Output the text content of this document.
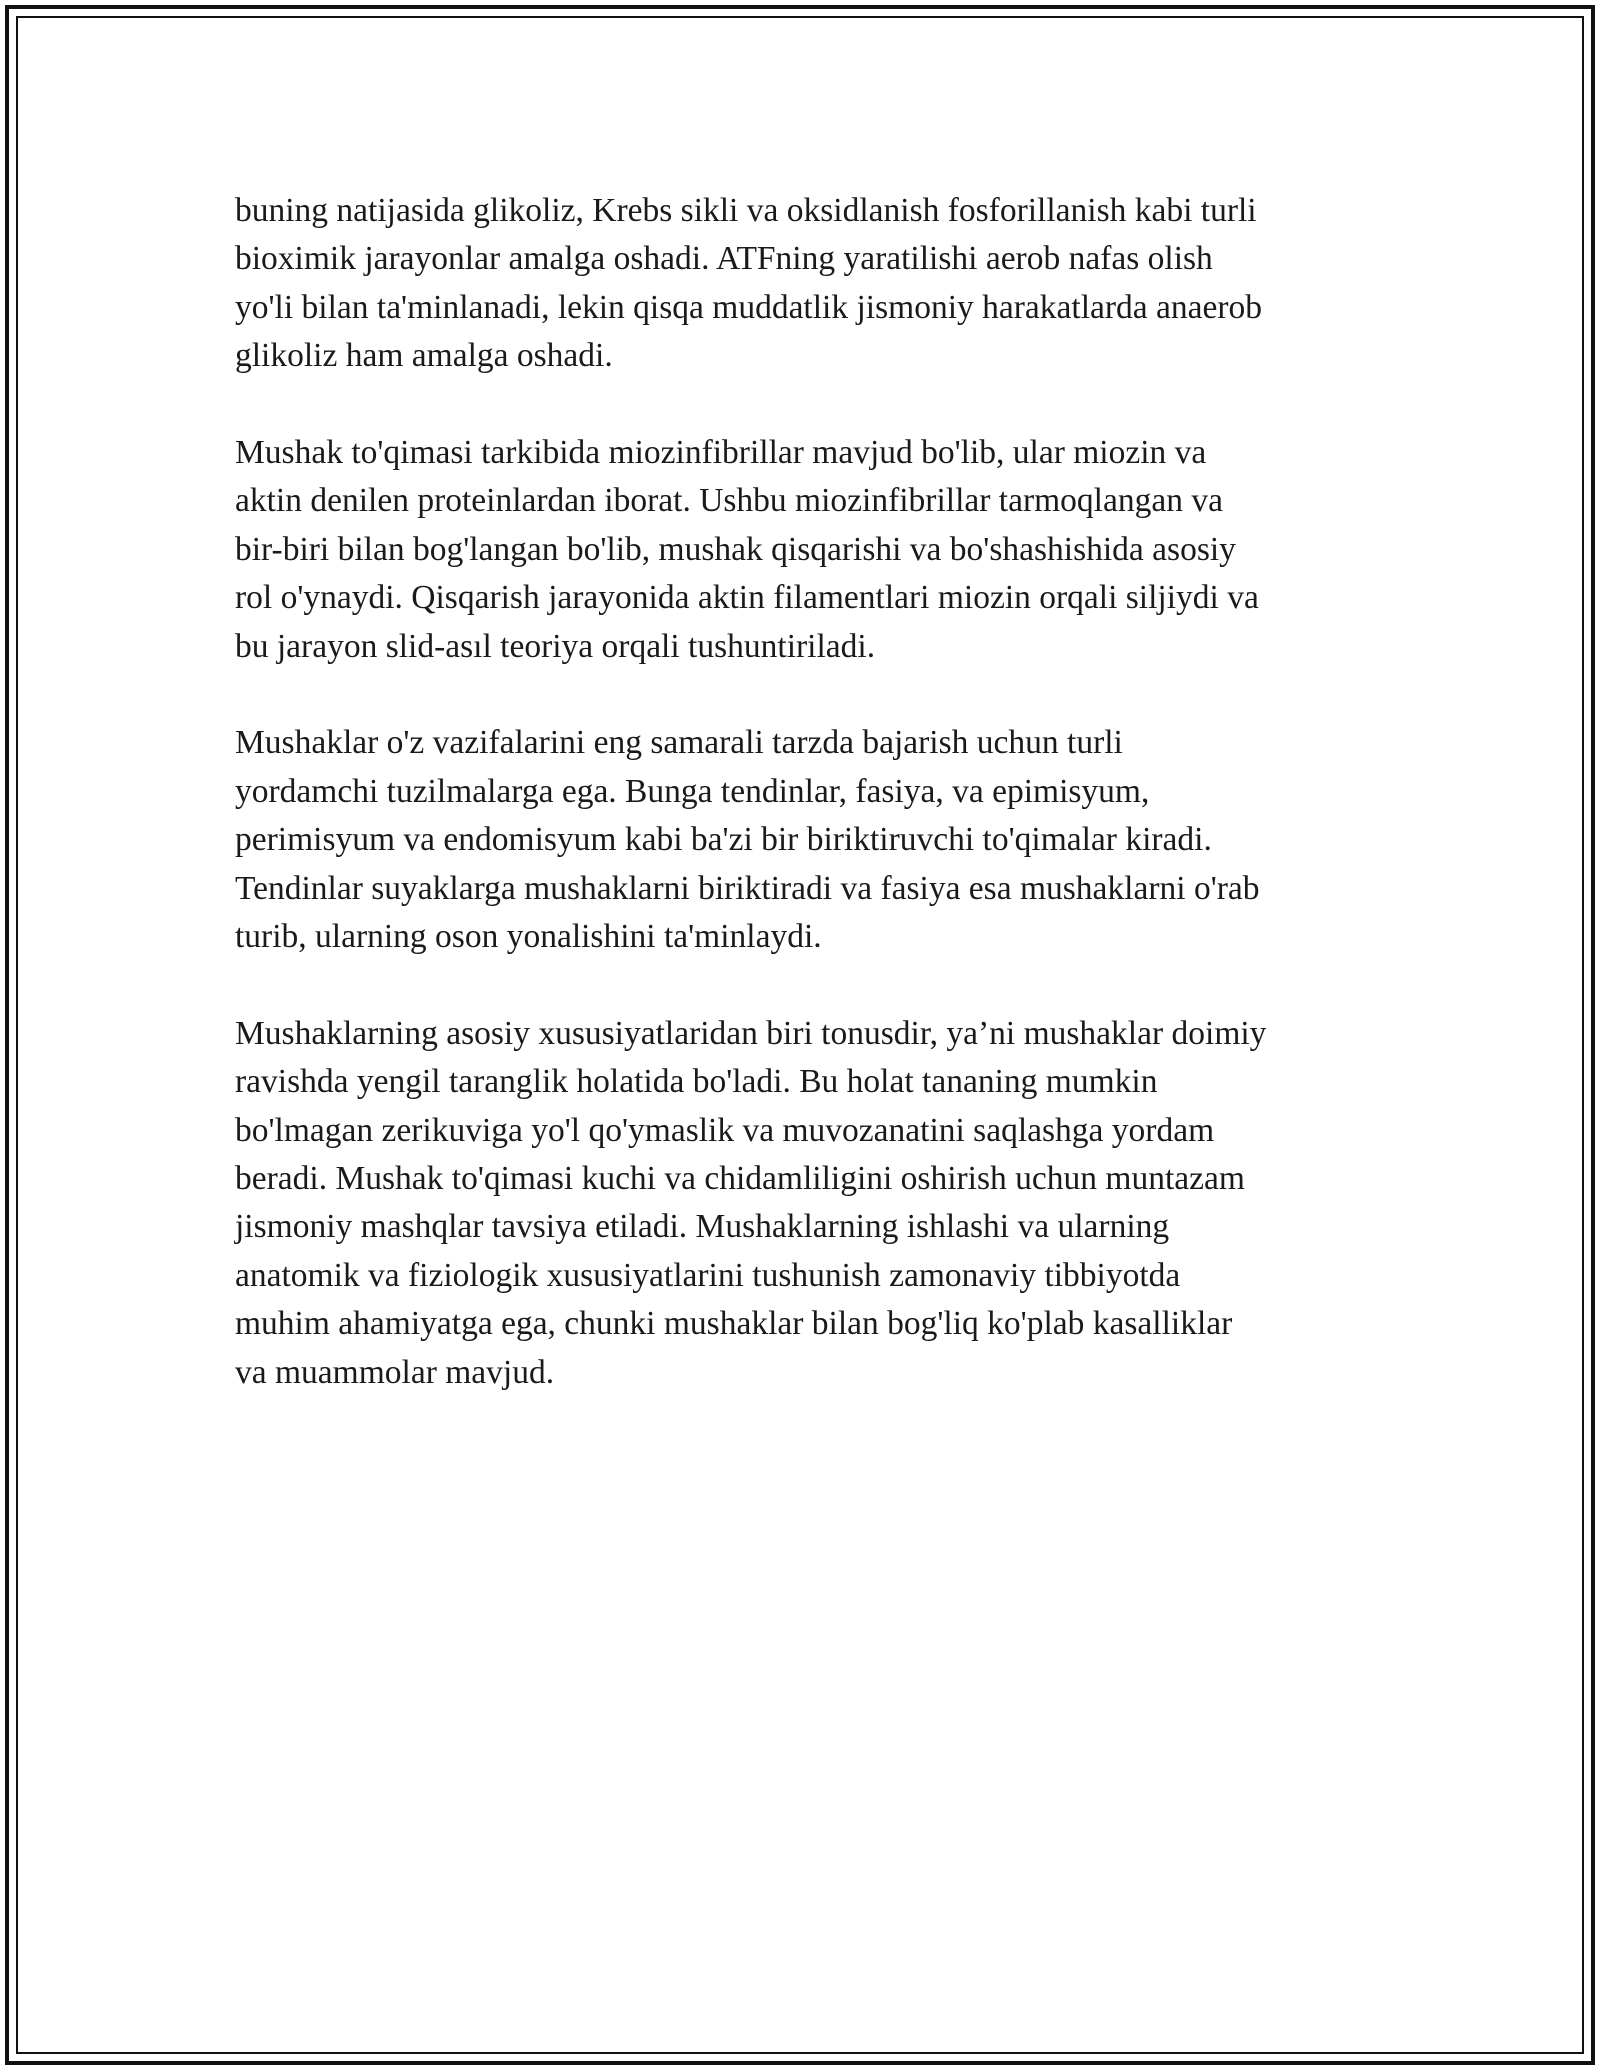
buning natijasida glikoliz, Krebs sikli va oksidlanish fosforillanish kabi turli
bioximik jarayonlar amalga oshadi. ATFning yaratilishi aerob nafas olish
yo'li bilan ta'minlanadi, lekin qisqa muddatlik jismoniy harakatlarda anaerob
glikoliz ham amalga oshadi.
Mushak to'qimasi tarkibida miozinfibrillar mavjud bo'lib, ular miozin va
aktin denilen proteinlardan iborat. Ushbu miozinfibrillar tarmoqlangan va
bir-biri bilan bog'langan bo'lib, mushak qisqarishi va bo'shashishida asosiy
rol o'ynaydi. Qisqarish jarayonida aktin filamentlari miozin orqali siljiydi va
bu jarayon slid-asıl teoriya orqali tushuntiriladi.
Mushaklar o'z vazifalarini eng samarali tarzda bajarish uchun turli
yordamchi tuzilmalarga ega. Bunga tendinlar, fasiya, va epimisyum,
perimisyum va endomisyum kabi ba'zi bir biriktiruvchi to'qimalar kiradi.
Tendinlar suyaklarga mushaklarni biriktiradi va fasiya esa mushaklarni o'rab
turib, ularning oson yonalishini ta'minlaydi.
Mushaklarning asosiy xususiyatlaridan biri tonusdir, ya’ni mushaklar doimiy
ravishda yengil taranglik holatida bo'ladi. Bu holat tananing mumkin
bo'lmagan zerikuviga yo'l qo'ymaslik va muvozanatini saqlashga yordam
beradi. Mushak to'qimasi kuchi va chidamliligini oshirish uchun muntazam
jismoniy mashqlar tavsiya etiladi. Mushaklarning ishlashi va ularning
anatomik va fiziologik xususiyatlarini tushunish zamonaviy tibbiyotda
muhim ahamiyatga ega, chunki mushaklar bilan bog'liq ko'plab kasalliklar
va muammolar mavjud.
